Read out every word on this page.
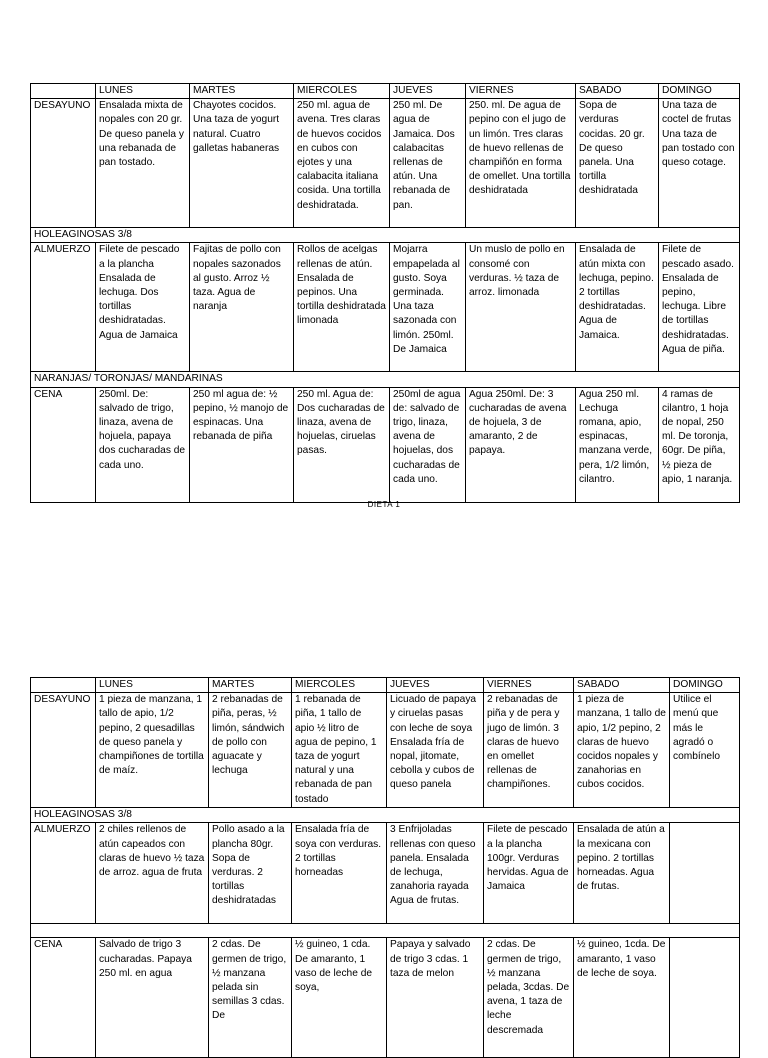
	LUNES	MARTES	MIERCOLES	JUEVES	VIERNES	SABADO	DOMINGO
DESAYUNO	Ensalada mixta de nopales con 20 gr. De queso panela y una rebanada de pan tostado.	Chayotes cocidos. Una taza de yogurt natural. Cuatro galletas habaneras	250 ml. agua de avena. Tres claras de huevos cocidos en cubos con ejotes y una calabacita italiana cosida. Una tortilla deshidratada.	250 ml. De agua de Jamaica. Dos calabacitas rellenas de atún. Una rebanada de pan.	250. ml. De agua de pepino con el jugo de un limón. Tres claras de huevo rellenas de champiñón en forma de omellet. Una tortilla deshidratada	Sopa de verduras cocidas. 20 gr. De queso panela. Una tortilla deshidratada	Una taza de coctel de frutas Una taza de pan tostado con queso cotage.
HOLEAGINOSAS 3/8							
ALMUERZO	Filete de pescado a la plancha Ensalada de lechuga. Dos tortillas deshidratadas. Agua de Jamaica	Fajitas de pollo con nopales sazonados al gusto. Arroz ½ taza. Agua de naranja	Rollos de acelgas rellenas de atún. Ensalada de pepinos. Una tortilla deshidratada limonada	Mojarra empapelada al gusto. Soya germinada. Una taza sazonada con limón. 250ml. De Jamaica	Un muslo de pollo en consomé con verduras. ½ taza de arroz. limonada	Ensalada de atún mixta con lechuga, pepino. 2 tortillas deshidratadas. Agua de Jamaica.	Filete de pescado asado. Ensalada de pepino, lechuga. Libre de tortillas deshidratadas. Agua de piña.
NARANJAS/ TORONJAS/ MANDARINAS							
CENA	250ml. De: salvado de trigo, linaza, avena de hojuela, papaya dos cucharadas de cada uno.	250 ml agua de: ½ pepino, ½ manojo de espinacas. Una rebanada de piña	250 ml. Agua de: Dos cucharadas de linaza, avena de hojuelas, ciruelas pasas.	250ml de agua de: salvado de trigo, linaza, avena de hojuelas, dos cucharadas de cada uno.	Agua 250ml. De: 3 cucharadas de avena de hojuela, 3 de amaranto, 2 de papaya.	Agua 250 ml. Lechuga romana, apio, espinacas, manzana verde, pera, 1/2 limón, cilantro.	4 ramas de cilantro, 1 hoja de nopal, 250 ml. De toronja, 60gr. De piña, ½ pieza de apio, 1 naranja.
DIETA 1
	LUNES	MARTES	MIERCOLES	JUEVES	VIERNES	SABADO	DOMINGO
DESAYUNO	1 pieza de manzana, 1 tallo de apio, 1/2 pepino, 2 quesadillas de queso panela y champiñones de tortilla de maíz.	2 rebanadas de piña, peras, ½ limón, sándwich de pollo con aguacate y lechuga	1 rebanada de piña, 1 tallo de apio ½ litro de agua de pepino, 1 taza de yogurt natural y una rebanada de pan tostado	Licuado de papaya y ciruelas pasas con leche de soya Ensalada fría de nopal, jitomate, cebolla y cubos de queso panela	2 rebanadas de piña y de pera y jugo de limón. 3 claras de huevo en omellet rellenas de champiñones.	1 pieza de manzana, 1 tallo de apio, 1/2 pepino, 2 claras de huevo cocidos nopales y zanahorias en cubos cocidos.	Utilice el menú que más le agradó o combínelo
HOLEAGINOSAS 3/8							
ALMUERZO	2 chiles rellenos de atún capeados con claras de huevo ½ taza de arroz. agua de fruta	Pollo asado a la plancha 80gr. Sopa de verduras. 2 tortillas deshidratadas	Ensalada fría de soya con verduras. 2 tortillas horneadas	3 Enfrijoladas rellenas con queso panela. Ensalada de lechuga, zanahoria rayada Agua de frutas.	Filete de pescado a la plancha 100gr. Verduras hervidas. Agua de Jamaica	Ensalada de atún a la mexicana con pepino. 2 tortillas horneadas. Agua de frutas.	

CENA	Salvado de trigo 3 cucharadas. Papaya 250 ml. en agua	2 cdas. De germen de trigo, ½ manzana pelada sin semillas 3 cdas. De	½ guineo, 1 cda. De amaranto, 1 vaso de leche de soya,	Papaya y salvado de trigo 3 cdas. 1 taza de melon	2 cdas. De germen de trigo, ½ manzana pelada, 3cdas. De avena, 1 taza de leche descremada	½ guineo, 1cda. De amaranto, 1 vaso de leche de soya.	
